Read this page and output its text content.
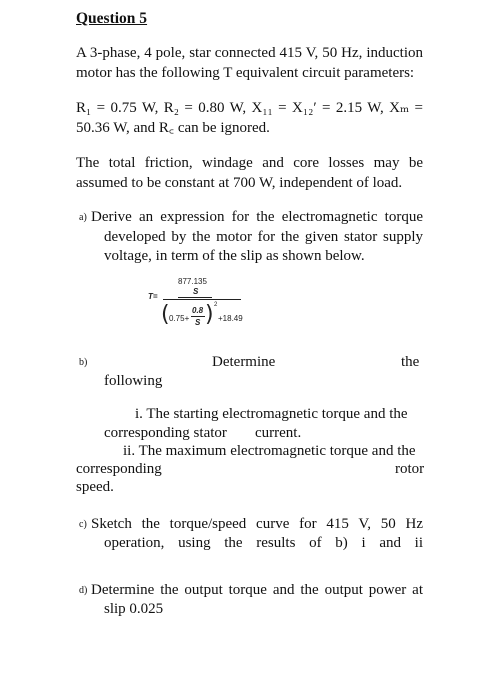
Question 5
A 3-phase, 4 pole, star connected 415 V, 50 Hz, induction
motor has the following T equivalent circuit parameters:
R₁ = 0.75 W, R₂ = 0.80 W, X₁₁ = X₁₂′ = 2.15 W, Xₘ =
50.36 W, and R꜀ can be ignored.
The total friction, windage and core losses may be
assumed to be constant at 700 W, independent of load.
a) Derive an expression for the electromagnetic torque
developed by the motor for the given stator supply
voltage, in term of the slip as shown below.
T=
877.135
S
( 0.75+
0.8
S ) 2
+18.49
b)	Determine	the
following
i. The starting electromagnetic torque and the
corresponding stator current.
ii. The maximum electromagnetic torque and the
corresponding	rotor
speed.
c) Sketch the torque/speed curve for 415 V, 50 Hz
operation, using the results of b) i and ii
d) Determine the output torque and the output power at
slip 0.025
